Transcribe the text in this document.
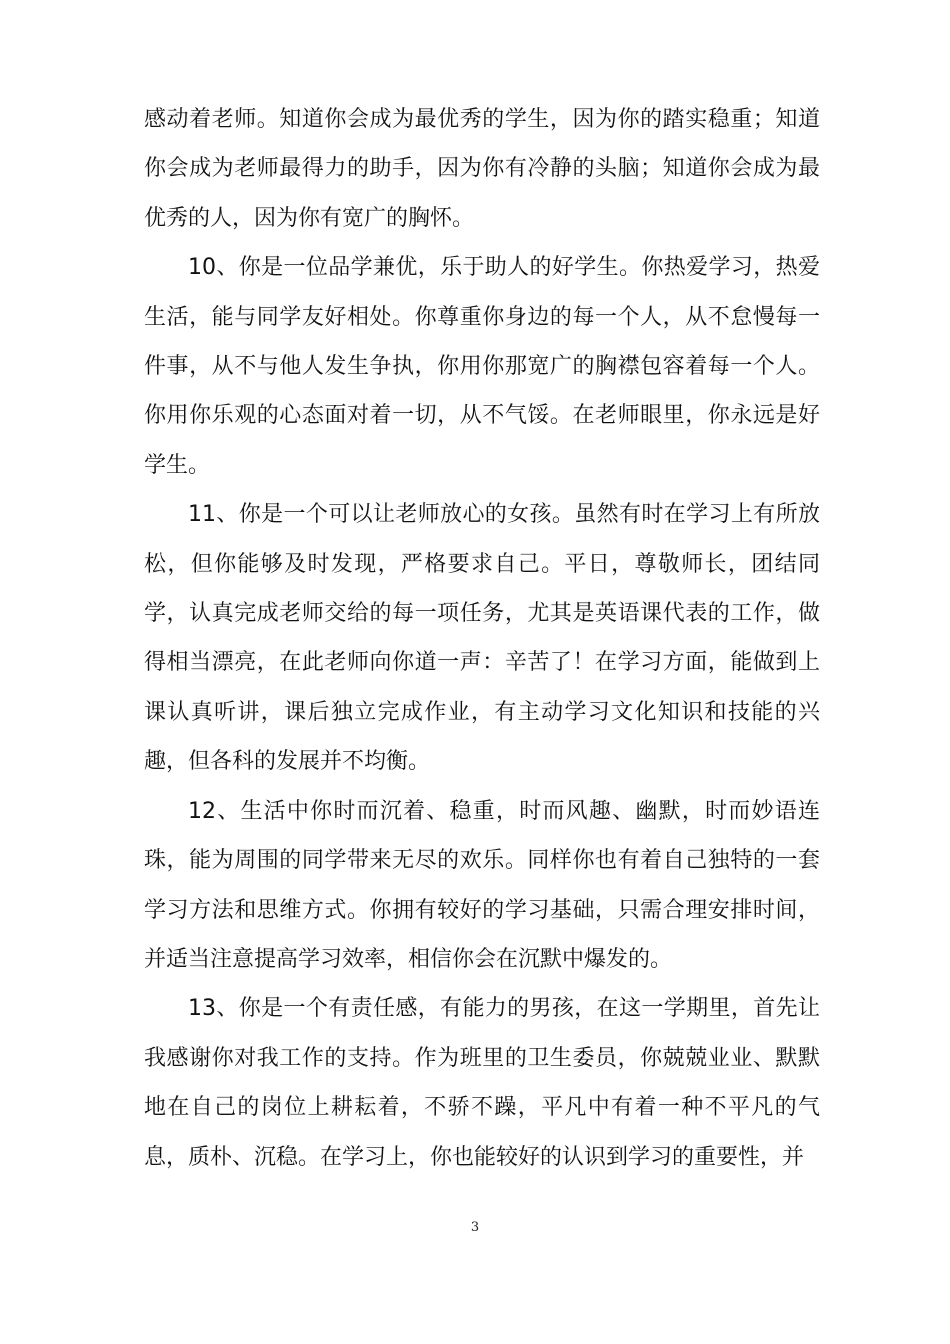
感动着老师。知道你会成为最优秀的学生，因为你的踏实稳重；知道你会成为老师最得力的助手，因为你有冷静的头脑；知道你会成为最优秀的人，因为你有宽广的胸怀。

10、你是一位品学兼优，乐于助人的好学生。你热爱学习，热爱生活，能与同学友好相处。你尊重你身边的每一个人，从不怠慢每一件事，从不与他人发生争执，你用你那宽广的胸襟包容着每一个人。你用你乐观的心态面对着一切，从不气馁。在老师眼里，你永远是好学生。

11、你是一个可以让老师放心的女孩。虽然有时在学习上有所放松，但你能够及时发现，严格要求自己。平日，尊敬师长，团结同学，认真完成老师交给的每一项任务，尤其是英语课代表的工作，做得相当漂亮，在此老师向你道一声：辛苦了！在学习方面，能做到上课认真听讲，课后独立完成作业，有主动学习文化知识和技能的兴趣，但各科的发展并不均衡。

12、生活中你时而沉着、稳重，时而风趣、幽默，时而妙语连珠，能为周围的同学带来无尽的欢乐。同样你也有着自己独特的一套学习方法和思维方式。你拥有较好的学习基础，只需合理安排时间，并适当注意提高学习效率，相信你会在沉默中爆发的。

13、你是一个有责任感，有能力的男孩，在这一学期里，首先让我感谢你对我工作的支持。作为班里的卫生委员，你兢兢业业、默默地在自己的岗位上耕耘着，不骄不躁，平凡中有着一种不平凡的气息，质朴、沉稳。在学习上，你也能较好的认识到学习的重要性，并

3
